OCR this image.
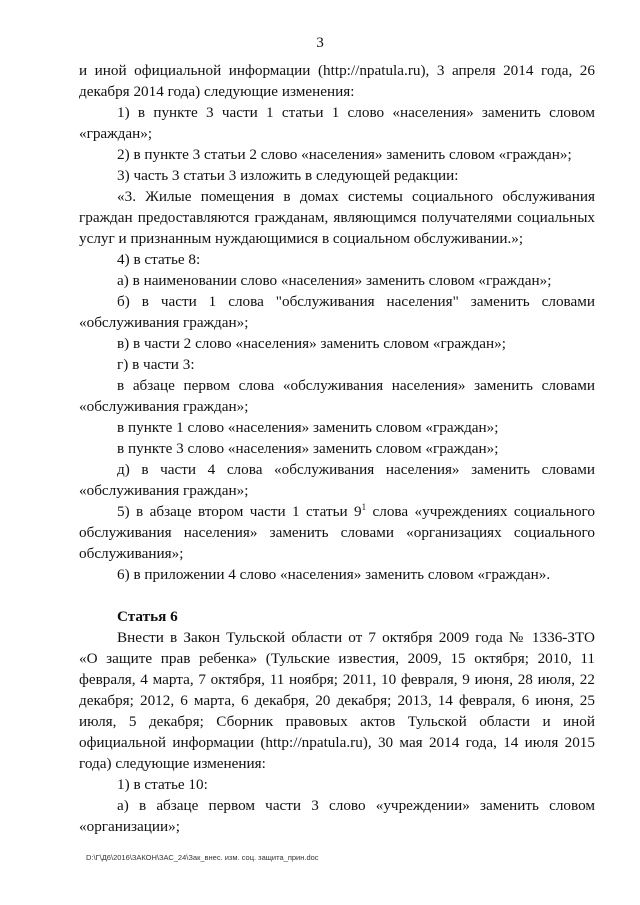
3
и иной официальной информации (http://npatula.ru), 3 апреля 2014 года, 26
декабря 2014 года) следующие изменения:
1) в пункте 3 части 1 статьи 1 слово «населения» заменить словом
«граждан»;
2) в пункте 3 статьи 2 слово «населения» заменить словом «граждан»;
3) часть 3 статьи 3 изложить в следующей редакции:
«3. Жилые помещения в домах системы социального обслуживания
граждан предоставляются гражданам, являющимся получателями социальных
услуг и признанным нуждающимися в социальном обслуживании.»;
4) в статье 8:
а) в наименовании слово «населения» заменить словом «граждан»;
б) в части 1 слова "обслуживания населения" заменить словами
«обслуживания граждан»;
в) в части 2 слово «населения» заменить словом «граждан»;
г) в части 3:
в абзаце первом слова «обслуживания населения» заменить словами
«обслуживания граждан»;
в пункте 1 слово «населения» заменить словом «граждан»;
в пункте 3 слово «населения» заменить словом «граждан»;
д) в части 4 слова «обслуживания населения» заменить словами
«обслуживания граждан»;
5) в абзаце втором части 1 статьи $9^1$ слова «учреждениях социального
обслуживания населения» заменить словами «организациях социального
обслуживания»;
6) в приложении 4 слово «населения» заменить словом «граждан».
Статья 6
Внести в Закон Тульской области от 7 октября 2009 года № 1336-ЗТО
«О защите прав ребенка» (Тульские известия, 2009, 15 октября; 2010, 11
февраля, 4 марта, 7 октября, 11 ноября; 2011, 10 февраля, 9 июня, 28 июля, 22
декабря; 2012, 6 марта, 6 декабря, 20 декабря; 2013, 14 февраля, 6 июня, 25
июля, 5 декабря; Сборник правовых актов Тульской области и иной
официальной информации (http://npatula.ru), 30 мая 2014 года, 14 июля 2015
года) следующие изменения:
1) в статье 10:
а) в абзаце первом части 3 слово «учреждении» заменить словом
«организации»;
D:\Г\Д6\2016\ЗАКОН\ЗАС_24\Зак_внес. изм. соц. защита_прин.doc
